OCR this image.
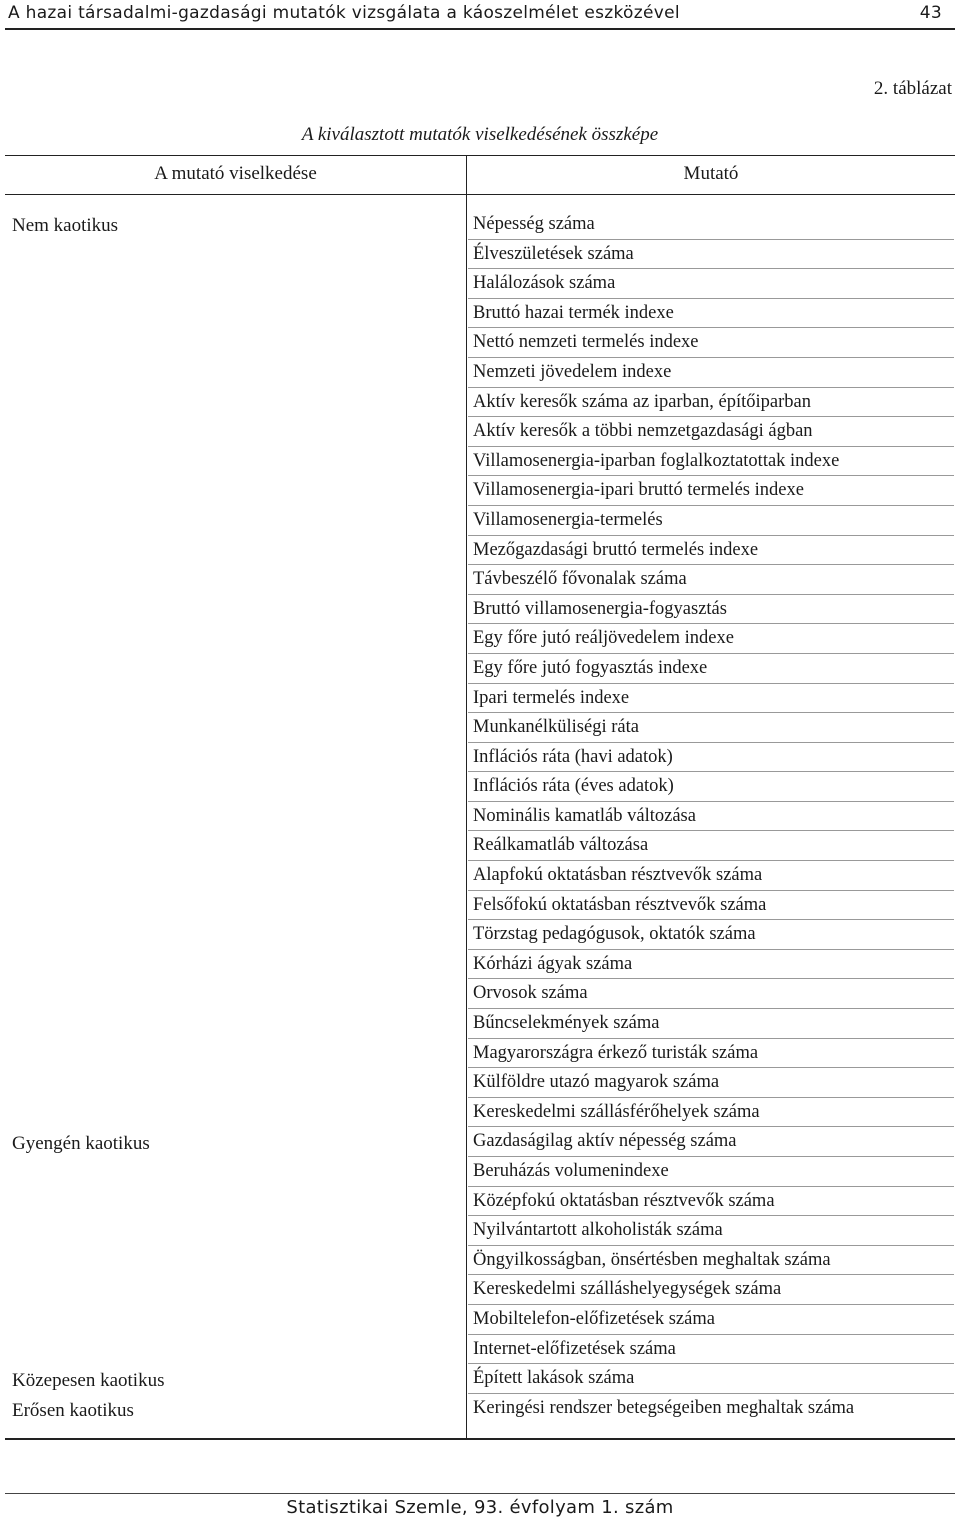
A hazai társadalmi-gazdasági mutatók vizsgálata a káoszelmélet eszközével	43
2. táblázat
A kiválasztott mutatók viselkedésének összképe
A mutató viselkedése	Mutató
Nem kaotikus
Gyengén kaotikus
Közepesen kaotikus
Erősen kaotikus
Népesség száma
Élveszületések száma
Halálozások száma
Bruttó hazai termék indexe
Nettó nemzeti termelés indexe
Nemzeti jövedelem indexe
Aktív keresők száma az iparban, építőiparban
Aktív keresők a többi nemzetgazdasági ágban
Villamosenergia-iparban foglalkoztatottak indexe
Villamosenergia-ipari bruttó termelés indexe
Villamosenergia-termelés
Mezőgazdasági bruttó termelés indexe
Távbeszélő fővonalak száma
Bruttó villamosenergia-fogyasztás
Egy főre jutó reáljövedelem indexe
Egy főre jutó fogyasztás indexe
Ipari termelés indexe
Munkanélküliségi ráta
Inflációs ráta (havi adatok)
Inflációs ráta (éves adatok)
Nominális kamatláb változása
Reálkamatláb változása
Alapfokú oktatásban résztvevők száma
Felsőfokú oktatásban résztvevők száma
Törzstag pedagógusok, oktatók száma
Kórházi ágyak száma
Orvosok száma
Bűncselekmények száma
Magyarországra érkező turisták száma
Külföldre utazó magyarok száma
Kereskedelmi szállásférőhelyek száma
Gazdaságilag aktív népesség száma
Beruházás volumenindexe
Középfokú oktatásban résztvevők száma
Nyilvántartott alkoholisták száma
Öngyilkosságban, önsértésben meghaltak száma
Kereskedelmi szálláshelyegységek száma
Mobiltelefon-előfizetések száma
Internet-előfizetések száma
Épített lakások száma
Keringési rendszer betegségeiben meghaltak száma
Statisztikai Szemle, 93. évfolyam 1. szám
